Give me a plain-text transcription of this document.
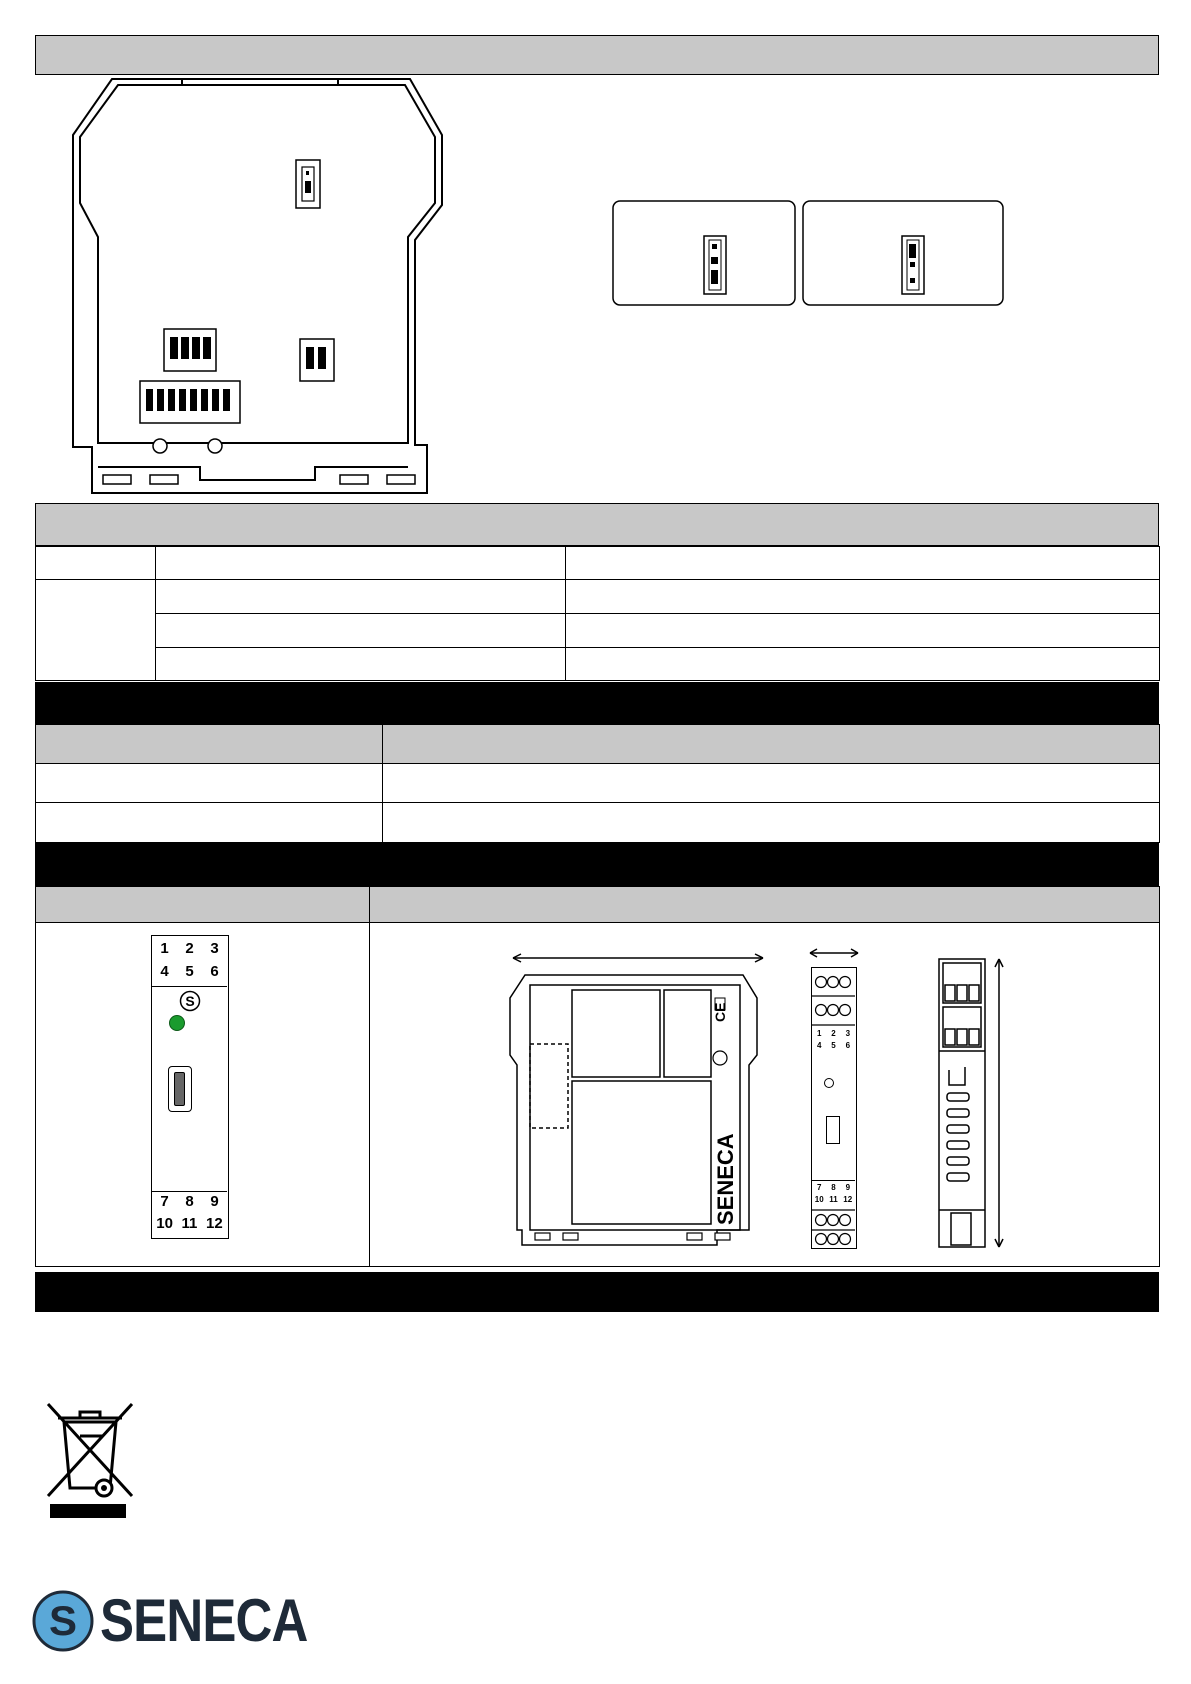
1 2 3
4 5 6
S
7 8 9
10 11 12
CE
SENECA
1 2 3
4 5 6
7 8 9
10 11 12
S SENECA
